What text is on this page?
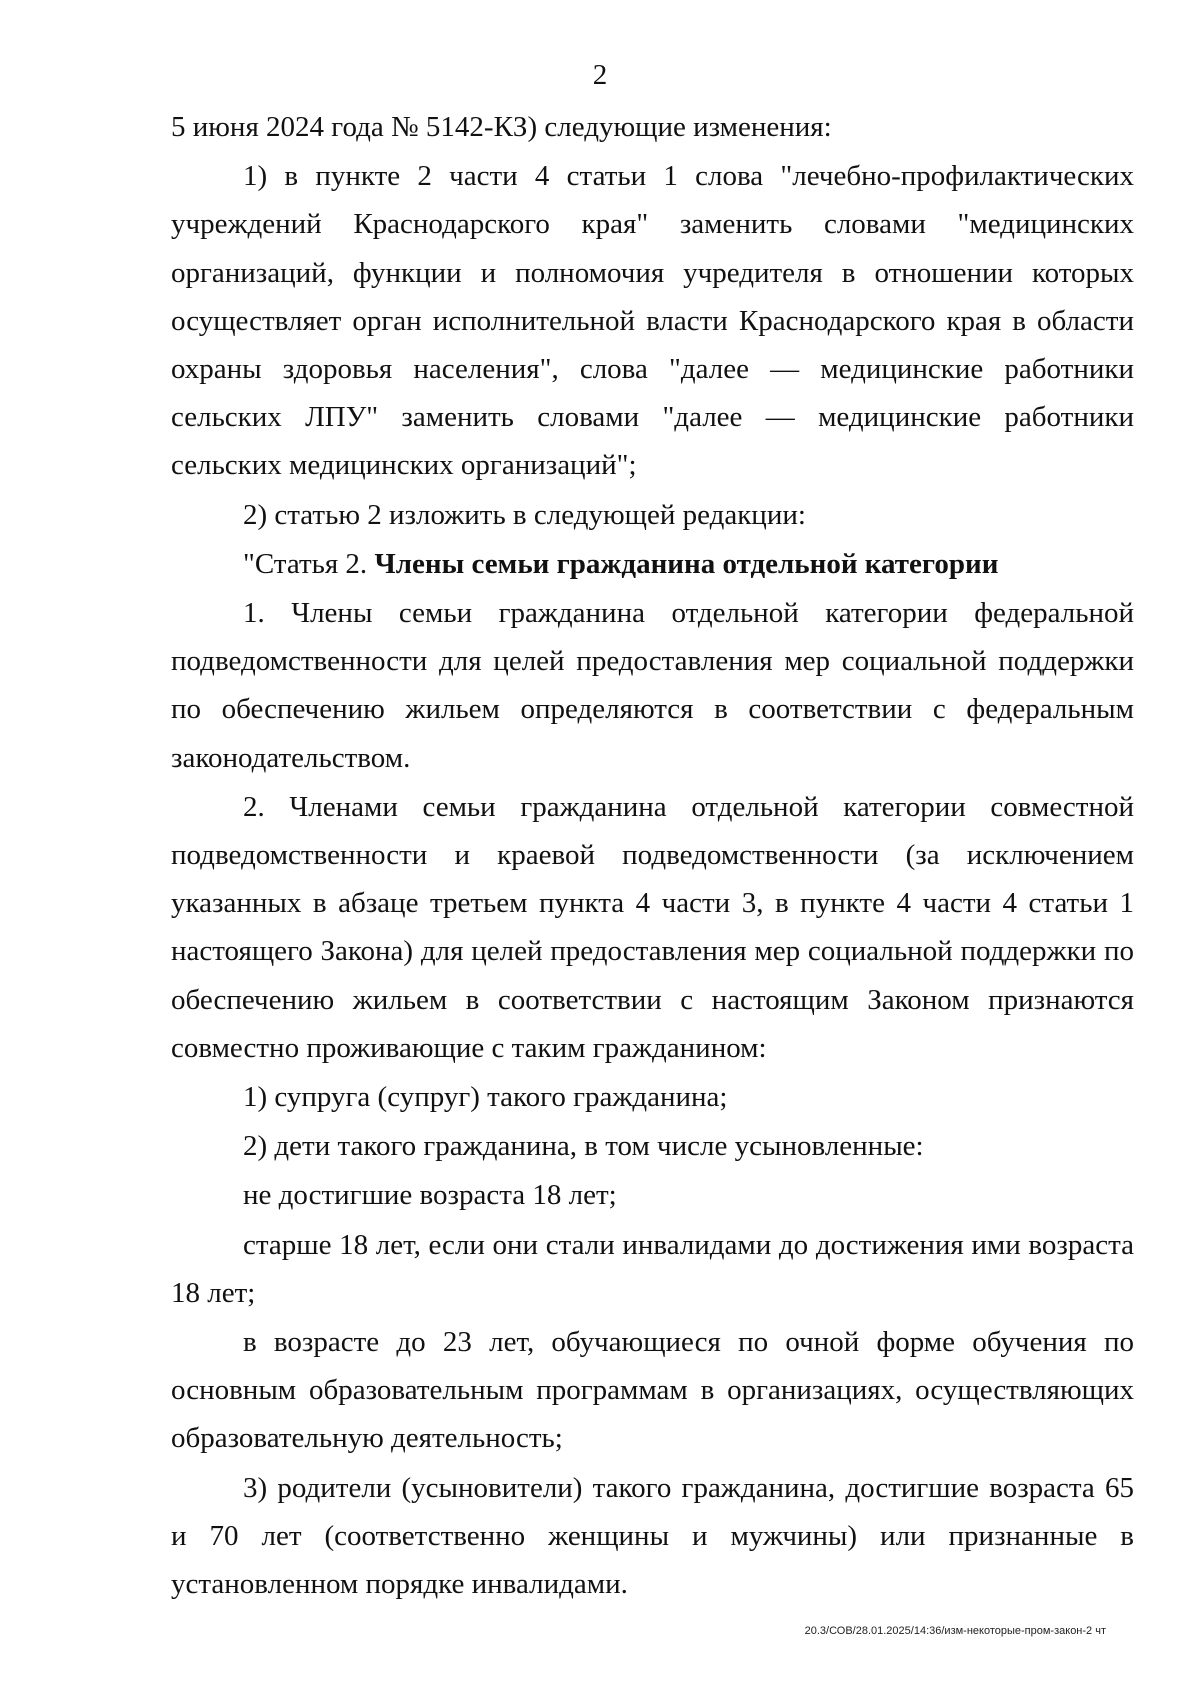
2

5 июня 2024 года № 5142-КЗ) следующие изменения:

1) в пункте 2 части 4 статьи 1 слова "лечебно-профилактических учреждений Краснодарского края" заменить словами "медицинских организаций, функции и полномочия учредителя в отношении которых осуществляет орган исполнительной власти Краснодарского края в области охраны здоровья населения", слова "далее — медицинские работники сельских ЛПУ" заменить словами "далее — медицинские работники сельских медицинских организаций";

2) статью 2 изложить в следующей редакции:

"Статья 2. Члены семьи гражданина отдельной категории

1. Члены семьи гражданина отдельной категории федеральной подведомственности для целей предоставления мер социальной поддержки по обеспечению жильем определяются в соответствии с федеральным законодательством.

2. Членами семьи гражданина отдельной категории совместной подведомственности и краевой подведомственности (за исключением указанных в абзаце третьем пункта 4 части 3, в пункте 4 части 4 статьи 1 настоящего Закона) для целей предоставления мер социальной поддержки по обеспечению жильем в соответствии с настоящим Законом признаются совместно проживающие с таким гражданином:

1) супруга (супруг) такого гражданина;

2) дети такого гражданина, в том числе усыновленные:

не достигшие возраста 18 лет;

старше 18 лет, если они стали инвалидами до достижения ими возраста 18 лет;

в возрасте до 23 лет, обучающиеся по очной форме обучения по основным образовательным программам в организациях, осуществляющих образовательную деятельность;

3) родители (усыновители) такого гражданина, достигшие возраста 65 и 70 лет (соответственно женщины и мужчины) или признанные в установленном порядке инвалидами.

20.3/СОВ/28.01.2025/14:36/изм-некоторые-пром-закон-2 чт
